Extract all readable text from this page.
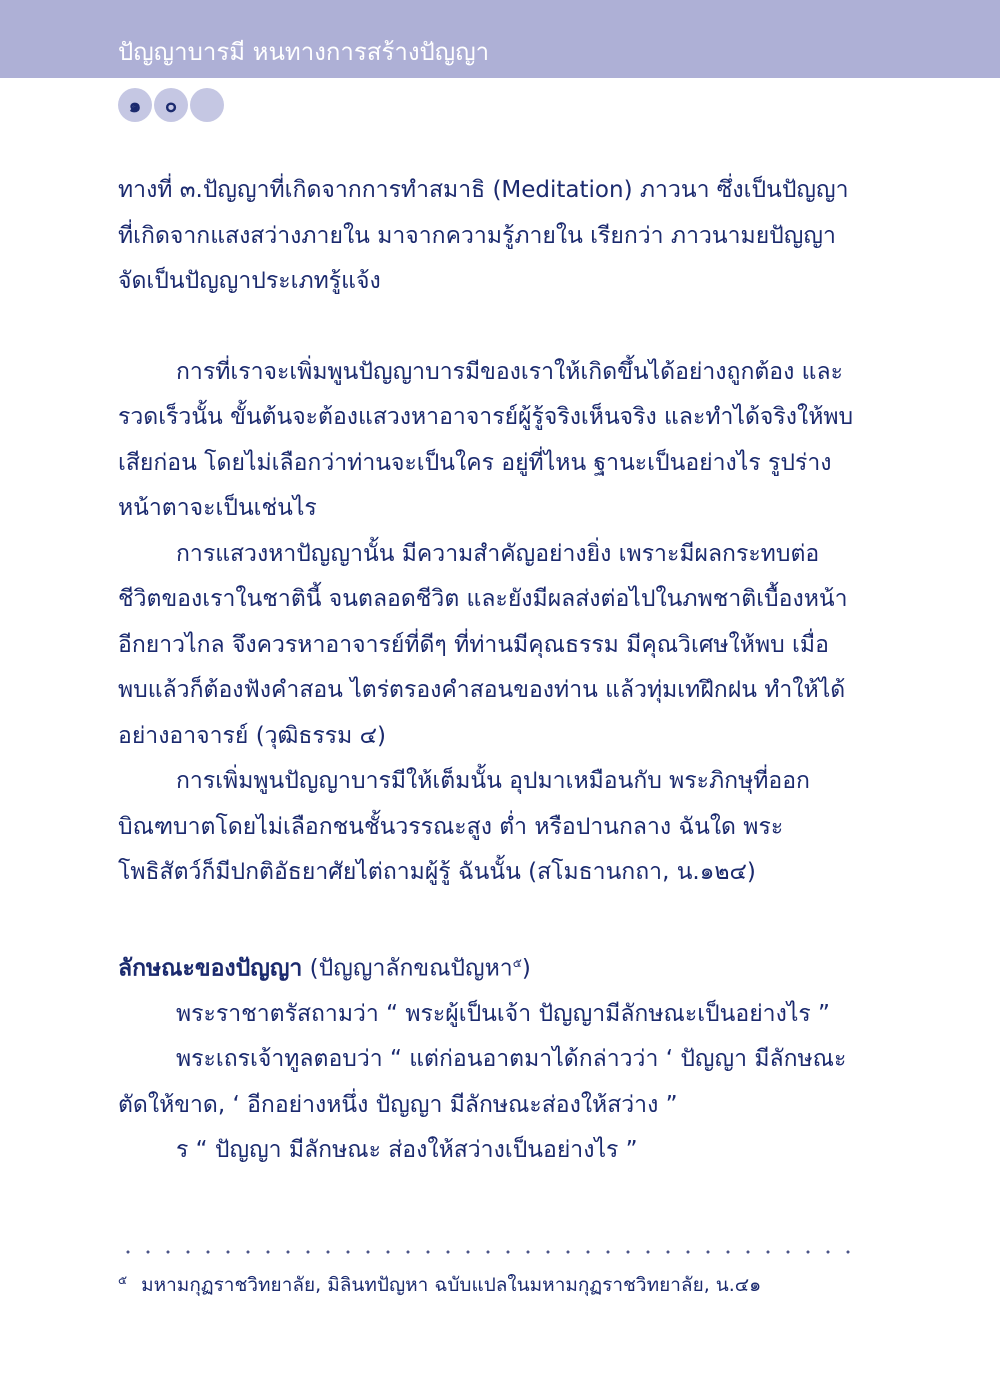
ปัญญาบารมี หนทางการสร้างปัญญา
๑	๐

ทางที่ ๓.ปัญญาที่เกิดจากการทำสมาธิ (Meditation) ภาวนา ซึ่งเป็นปัญญา ที่เกิดจากแสงสว่างภายใน มาจากความรู้ภายใน เรียกว่า ภาวนามยปัญญา จัดเป็นปัญญาประเภทรู้แจ้ง

การที่เราจะเพิ่มพูนปัญญาบารมีของเราให้เกิดขึ้นได้อย่างถูกต้อง และรวดเร็วนั้น ขั้นต้นจะต้องแสวงหาอาจารย์ผู้รู้จริงเห็นจริง และทำได้จริงให้พบเสียก่อน โดยไม่เลือกว่าท่านจะเป็นใคร อยู่ที่ไหน ฐานะเป็นอย่างไร รูปร่างหน้าตาจะเป็นเช่นไร

การแสวงหาปัญญานั้น มีความสำคัญอย่างยิ่ง เพราะมีผลกระทบต่อชีวิตของเราในชาตินี้ จนตลอดชีวิต และยังมีผลส่งต่อไปในภพชาติเบื้องหน้าอีกยาวไกล จึงควรหาอาจารย์ที่ดีๆ ที่ท่านมีคุณธรรม มีคุณวิเศษให้พบ เมื่อพบแล้วก็ต้องฟังคำสอน ไตร่ตรองคำสอนของท่าน แล้วทุ่มเทฝึกฝน ทำให้ได้อย่างอาจารย์ (วุฒิธรรม ๔)

การเพิ่มพูนปัญญาบารมีให้เต็มนั้น อุปมาเหมือนกับ พระภิกษุที่ออกบิณฑบาตโดยไม่เลือกชนชั้นวรรณะสูง ต่ำ หรือปานกลาง ฉันใด พระโพธิสัตว์ก็มีปกติอัธยาศัยไต่ถามผู้รู้ ฉันนั้น (สโมธานกถา, น.๑๒๔)

ลักษณะของปัญญา (ปัญญาลักขณปัญหา$^๕$)

พระราชาตรัสถามว่า “ พระผู้เป็นเจ้า ปัญญามีลักษณะเป็นอย่างไร ”

พระเถรเจ้าทูลตอบว่า “ แต่ก่อนอาตมาได้กล่าวว่า ‘ ปัญญา มีลักษณะตัดให้ขาด, ‘ อีกอย่างหนึ่ง ปัญญา มีลักษณะส่องให้สว่าง ”

ร “ ปัญญา มีลักษณะ ส่องให้สว่างเป็นอย่างไร ”

$^๕$ มหามกุฏราชวิทยาลัย, มิลินทปัญหา ฉบับแปลในมหามกุฏราชวิทยาลัย, น.๔๑
